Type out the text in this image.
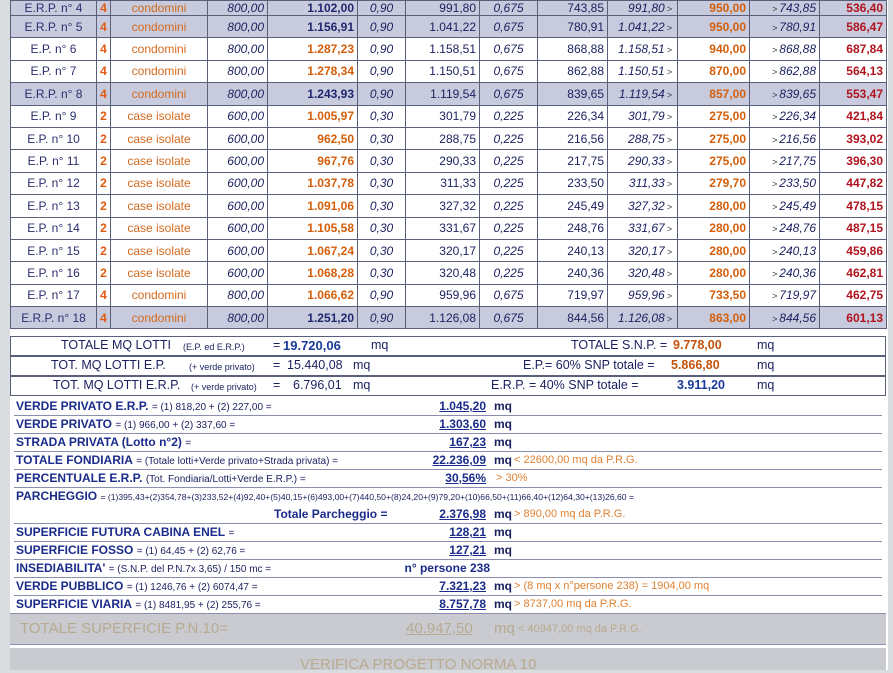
E.R.P. n° 4	4	condomini	800,00	1.102,00	0,90	991,80	0,675	743,85	991,80 >	950,00	> 743,85	536,40
E.R.P. n° 5	4	condomini	800,00	1.156,91	0,90	1.041,22	0,675	780,91	1.041,22 >	950,00	> 780,91	586,47
E.P. n° 6	4	condomini	800,00	1.287,23	0,90	1.158,51	0,675	868,88	1.158,51 >	940,00	> 868,88	687,84
E.P. n° 7	4	condomini	800,00	1.278,34	0,90	1.150,51	0,675	862,88	1.150,51 >	870,00	> 862,88	564,13
E.R.P. n° 8	4	condomini	800,00	1.243,93	0,90	1.119,54	0,675	839,65	1.119,54 >	857,00	> 839,65	553,47
E.P. n° 9	2	case isolate	600,00	1.005,97	0,30	301,79	0,225	226,34	301,79 >	275,00	> 226,34	421,84
E.P. n° 10	2	case isolate	600,00	962,50	0,30	288,75	0,225	216,56	288,75 >	275,00	> 216,56	393,02
E.P. n° 11	2	case isolate	600,00	967,76	0,30	290,33	0,225	217,75	290,33 >	275,00	> 217,75	396,30
E.P. n° 12	2	case isolate	600,00	1.037,78	0,30	311,33	0,225	233,50	311,33 >	279,70	> 233,50	447,82
E.P. n° 13	2	case isolate	600,00	1.091,06	0,30	327,32	0,225	245,49	327,32 >	280,00	> 245,49	478,15
E.P. n° 14	2	case isolate	600,00	1.105,58	0,30	331,67	0,225	248,76	331,67 >	280,00	> 248,76	487,15
E.P. n° 15	2	case isolate	600,00	1.067,24	0,30	320,17	0,225	240,13	320,17 >	280,00	> 240,13	459,86
E.P. n° 16	2	case isolate	600,00	1.068,28	0,30	320,48	0,225	240,36	320,48 >	280,00	> 240,36	462,81
E.P. n° 17	4	condomini	800,00	1.066,62	0,90	959,96	0,675	719,97	959,96 >	733,50	> 719,97	462,75
E.R.P. n° 18	4	condomini	800,00	1.251,20	0,90	1.126,08	0,675	844,56	1.126,08 >	863,00	> 844,56	601,13
TOTALE MQ LOTTI (E.P. ed E.R.P.) = 19.720,06 mq	TOTALE S.N.P. = 9.778,00	mq
TOT. MQ LOTTI E.P.	(+ verde privato) = 15.440,08 mq	E.P.= 60% SNP totale = 5.866,80	mq
TOT. MQ LOTTI E.R.P. (+ verde privato) = 6.796,01 mq	E.R.P. = 40% SNP totale =	3.911,20	mq
VERDE PRIVATO E.R.P. = (1) 818,20 + (2) 227,00 =	1.045,20 mq
VERDE PRIVATO = (1) 966,00 + (2) 337,60 =	1.303,60 mq
STRADA PRIVATA (Lotto n°2) =	167,23 mq
TOTALE FONDIARIA = (Totale lotti+Verde privato+Strada privata) =	22.236,09 mq < 22600,00 mq da P.R.G.
PERCENTUALE E.R.P. (Tot. Fondiaria/Lotti+Verde E.R.P.) =	30,56% > 30%
PARCHEGGIO = (1)395,43+(2)354,78+(3)233,52+(4)92,40+(5)40,15+(6)493,00+(7)440,50+(8)24,20+(9)79,20+(10)66,50+(11)66,40+(12)64,30+(13)26,60 =
Totale Parcheggio =	2.376,98 mq > 890,00 mq da P.R.G.
SUPERFICIE FUTURA CABINA ENEL =	128,21 mq
SUPERFICIE FOSSO = (1) 64,45 + (2) 62,76 =	127,21 mq
INSEDIABILITA' = (S.N.P. del P.N.7x 3,65) / 150 mc =	n° persone 238
VERDE PUBBLICO = (1) 1246,76 + (2) 6074,47 =	7.321,23 mq > (8 mq x n°persone 238) = 1904,00 mq
SUPERFICIE VIARIA = (1) 8481,95 + (2) 255,76 =	8.757,78 mq > 8737,00 mq da P.R.G.
TOTALE SUPERFICIE P.N.10=	40.947,50 mq < 40947,00 mq da P.R.G.
VERIFICA PROGETTO NORMA 10
